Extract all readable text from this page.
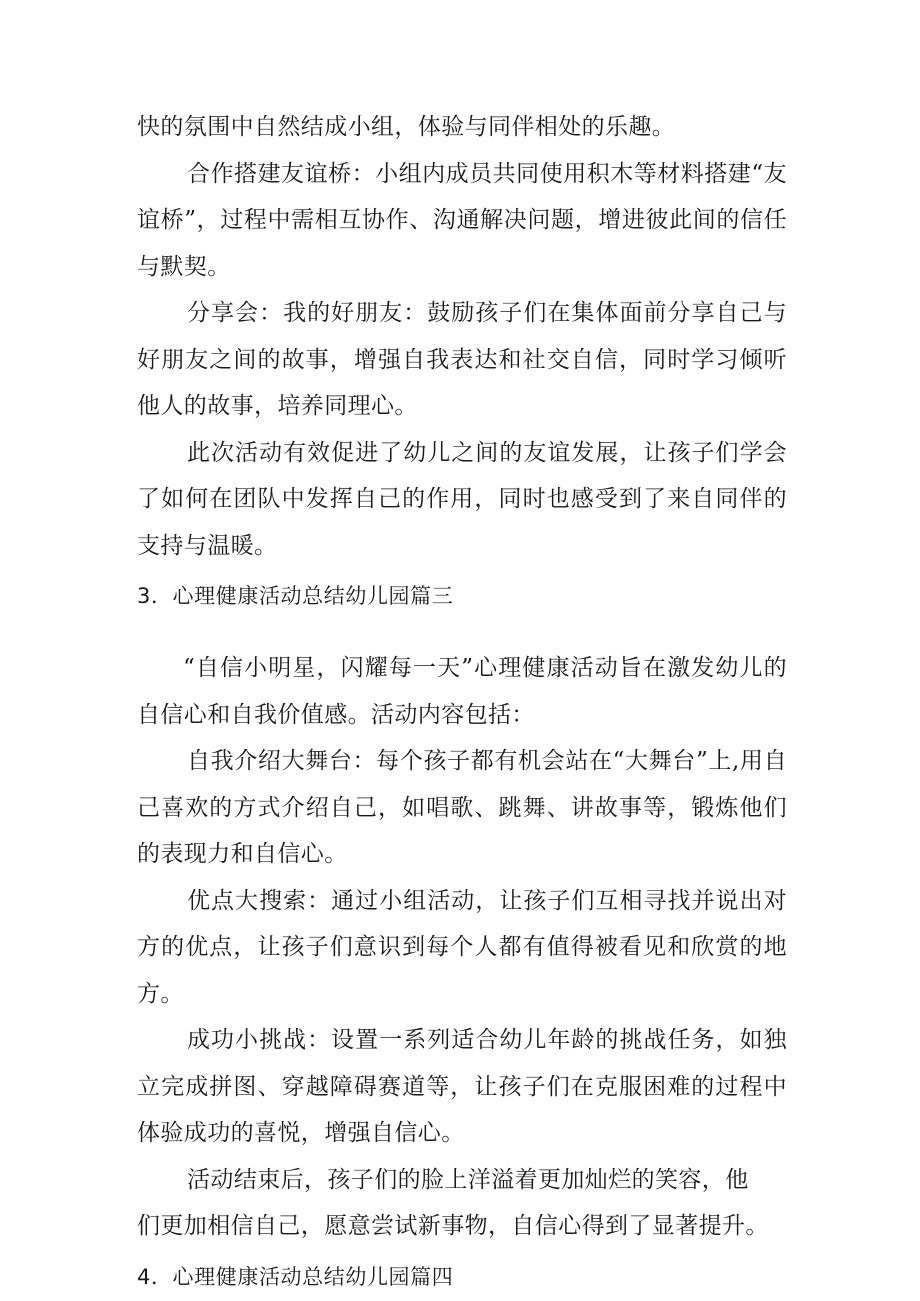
快的氛围中自然结成小组，体验与同伴相处的乐趣。

合作搭建友谊桥：小组内成员共同使用积木等材料搭建“友谊桥”，过程中需相互协作、沟通解决问题，增进彼此间的信任与默契。

分享会：我的好朋友：鼓励孩子们在集体面前分享自己与好朋友之间的故事，增强自我表达和社交自信，同时学习倾听他人的故事，培养同理心。

此次活动有效促进了幼儿之间的友谊发展，让孩子们学会了如何在团队中发挥自己的作用，同时也感受到了来自同伴的支持与温暖。

3．心理健康活动总结幼儿园篇三

“自信小明星，闪耀每一天”心理健康活动旨在激发幼儿的自信心和自我价值感。活动内容包括：

自我介绍大舞台：每个孩子都有机会站在“大舞台”上,用自己喜欢的方式介绍自己，如唱歌、跳舞、讲故事等，锻炼他们的表现力和自信心。

优点大搜索：通过小组活动，让孩子们互相寻找并说出对方的优点，让孩子们意识到每个人都有值得被看见和欣赏的地方。

成功小挑战：设置一系列适合幼儿年龄的挑战任务，如独立完成拼图、穿越障碍赛道等，让孩子们在克服困难的过程中体验成功的喜悦，增强自信心。

活动结束后，孩子们的脸上洋溢着更加灿烂的笑容，他

们更加相信自己，愿意尝试新事物，自信心得到了显著提升。

4．心理健康活动总结幼儿园篇四
